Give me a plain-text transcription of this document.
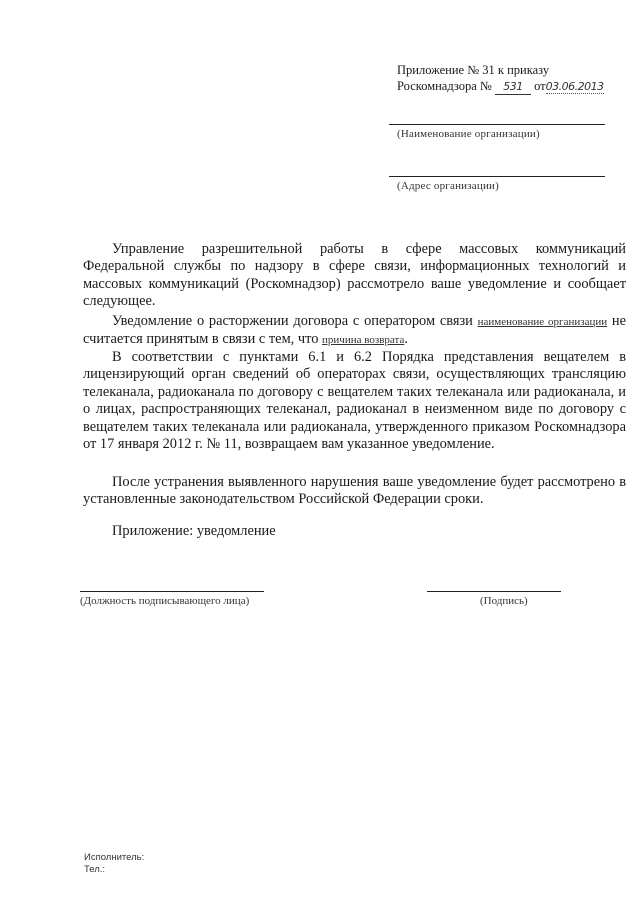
Приложение № 31 к приказу
Роскомнадзора № 531 от03.06.2013
(Наименование организации)
(Адрес организации)

Управление разрешительной работы в сфере массовых коммуникаций Федеральной службы по надзору в сфере связи, информационных технологий и массовых коммуникаций (Роскомнадзор) рассмотрело ваше уведомление и сообщает следующее.

Уведомление о расторжении договора с оператором связи наименование организации не считается принятым в связи с тем, что причина возврата.

В соответствии с пунктами 6.1 и 6.2 Порядка представления вещателем в лицензирующий орган сведений об операторах связи, осуществляющих трансляцию телеканала, радиоканала по договору с вещателем таких телеканала или радиоканала, и о лицах, распространяющих телеканал, радиоканал в неизменном виде по договору с вещателем таких телеканала или радиоканала, утвержденного приказом Роскомнадзора от 17 января 2012 г. № 11, возвращаем вам указанное уведомление.

После устранения выявленного нарушения ваше уведомление будет рассмотрено в установленные законодательством Российской Федерации сроки.

Приложение: уведомление

(Должность подписывающего лица)	(Подпись)
Исполнитель:
Тел.:
